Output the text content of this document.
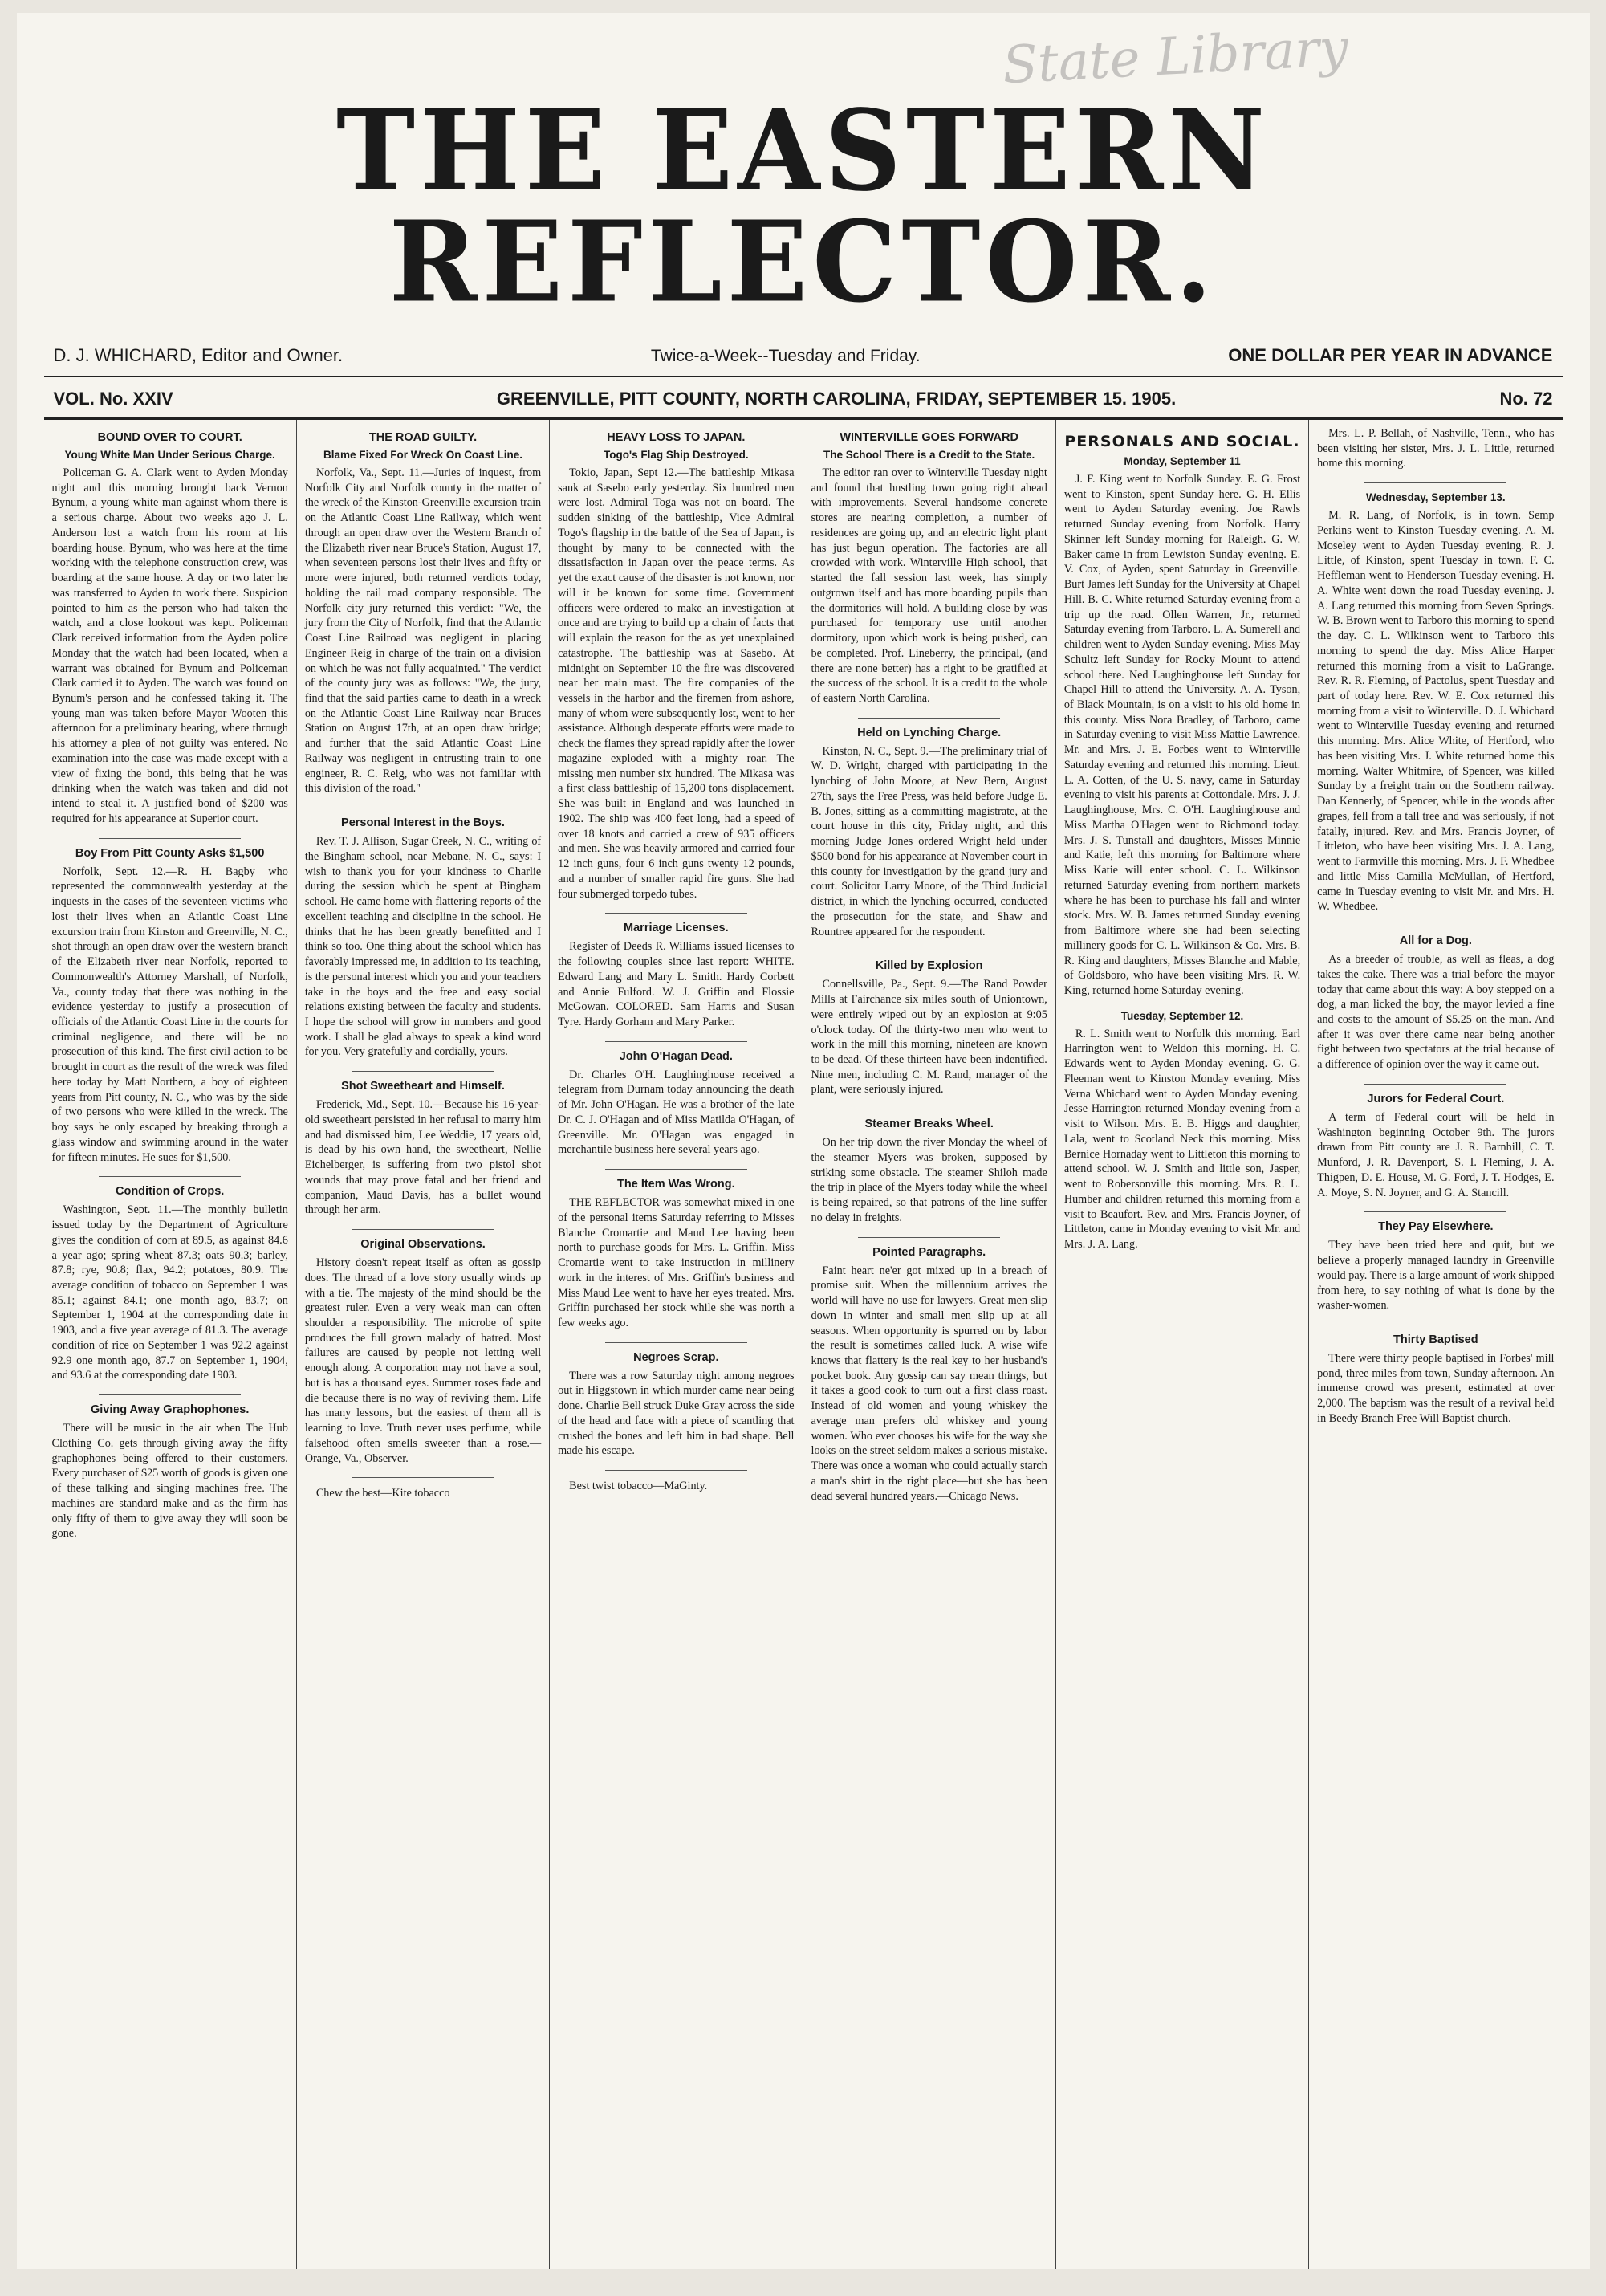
State Library
THE EASTERN REFLECTOR.
D. J. WHICHARD, Editor and Owner.	Twice-a-Week--Tuesday and Friday.	ONE DOLLAR PER YEAR IN ADVANCE
VOL. No. XXIV	GREENVILLE, PITT COUNTY, NORTH CAROLINA, FRIDAY, SEPTEMBER 15. 1905.	No. 72
BOUND OVER TO COURT.
Young White Man Under Serious Charge.

Policeman G. A. Clark went to Ayden Monday night and this morning brought back Vernon Bynum, a young white man against whom there is a serious charge. About two weeks ago J. L. Anderson lost a watch from his room at his boarding house. Bynum, who was here at the time working with the telephone construction crew, was boarding at the same house. A day or two later he was transferred to Ayden to work there. Suspicion pointed to him as the person who had taken the watch, and a close lookout was kept. Policeman Clark received information from the Ayden police Monday that the watch had been located, when a warrant was obtained for Bynum and Policeman Clark carried it to Ayden. The watch was found on Bynum's person and he confessed taking it. The young man was taken before Mayor Wooten this afternoon for a preliminary hearing, where through his attorney a plea of not guilty was entered. No examination into the case was made except with a view of fixing the bond, this being that he was drinking when the watch was taken and did not intend to steal it. A justified bond of $200 was required for his appearance at Superior court.

Boy From Pitt County Asks $1,500

Norfolk, Sept. 12.—R. H. Bagby who represented the commonwealth yesterday at the inquests in the cases of the seventeen victims who lost their lives when an Atlantic Coast Line excursion train from Kinston and Greenville, N. C., shot through an open draw over the western branch of the Elizabeth river near Norfolk, reported to Commonwealth's Attorney Marshall, of Norfolk, Va., county today that there was nothing in the evidence yesterday to justify a prosecution of officials of the Atlantic Coast Line in the courts for criminal negligence, and there will be no prosecution of this kind. The first civil action to be brought in court as the result of the wreck was filed here today by Matt Northern, a boy of eighteen years from Pitt county, N. C., who was by the side of two persons who were killed in the wreck. The boy says he only escaped by breaking through a glass window and swimming around in the water for fifteen minutes. He sues for $1,500.

Condition of Crops.

Washington, Sept. 11.—The monthly bulletin issued today by the Department of Agriculture gives the condition of corn at 89.5, as against 84.6 a year ago; spring wheat 87.3; oats 90.3; barley, 87.8; rye, 90.8; flax, 94.2; potatoes, 80.9. The average condition of tobacco on September 1 was 85.1; against 84.1; one month ago, 83.7; on September 1, 1904 at the corresponding date in 1903, and a five year average of 81.3. The average condition of rice on September 1 was 92.2 against 92.9 one month ago, 87.7 on September 1, 1904, and 93.6 at the corresponding date 1903.

Giving Away Graphophones.

There will be music in the air when The Hub Clothing Co. gets through giving away the fifty graphophones being offered to their customers. Every purchaser of $25 worth of goods is given one of these talking and singing machines free. The machines are standard make and as the firm has only fifty of them to give away they will soon be gone.

THE ROAD GUILTY.
Blame Fixed For Wreck On Coast Line.

Norfolk, Va., Sept. 11.—Juries of inquest, from Norfolk City and Norfolk county in the matter of the wreck of the Kinston-Greenville excursion train on the Atlantic Coast Line Railway, which went through an open draw over the Western Branch of the Elizabeth river near Bruce's Station, August 17, when seventeen persons lost their lives and fifty or more were injured, both returned verdicts today, holding the rail road company responsible. The Norfolk city jury returned this verdict: "We, the jury from the City of Norfolk, find that the Atlantic Coast Line Railroad was negligent in placing Engineer Reig in charge of the train on a division on which he was not fully acquainted." The verdict of the county jury was as follows: "We, the jury, find that the said parties came to death in a wreck on the Atlantic Coast Line Railway near Bruces Station on August 17th, at an open draw bridge; and further that the said Atlantic Coast Line Railway was negligent in entrusting train to one engineer, R. C. Reig, who was not familiar with this division of the road."

Personal Interest in the Boys.

Rev. T. J. Allison, Sugar Creek, N. C., writing of the Bingham school, near Mebane, N. C., says: I wish to thank you for your kindness to Charlie during the session which he spent at Bingham school. He came home with flattering reports of the excellent teaching and discipline in the school. He thinks that he has been greatly benefitted and I think so too. One thing about the school which has favorably impressed me, in addition to its teaching, is the personal interest which you and your teachers take in the boys and the free and easy social relations existing between the faculty and students. I hope the school will grow in numbers and good work. I shall be glad always to speak a kind word for you. Very gratefully and cordially, yours.

Shot Sweetheart and Himself.

Frederick, Md., Sept. 10.—Because his 16-year-old sweetheart persisted in her refusal to marry him and had dismissed him, Lee Weddie, 17 years old, is dead by his own hand, the sweetheart, Nellie Eichelberger, is suffering from two pistol shot wounds that may prove fatal and her friend and companion, Maud Davis, has a bullet wound through her arm.

Original Observations.

History doesn't repeat itself as often as gossip does. The thread of a love story usually winds up with a tie. The majesty of the mind should be the greatest ruler. Even a very weak man can often shoulder a responsibility. The microbe of spite produces the full grown malady of hatred. Most failures are caused by people not letting well enough along. A corporation may not have a soul, but is has a thousand eyes. Summer roses fade and die because there is no way of reviving them. Life has many lessons, but the easiest of them all is learning to love. Truth never uses perfume, while falsehood often smells sweeter than a rose.—Orange, Va., Observer.

Chew the best—Kite tobacco

HEAVY LOSS TO JAPAN.
Togo's Flag Ship Destroyed.

Tokio, Japan, Sept 12.—The battleship Mikasa sank at Sasebo early yesterday. Six hundred men were lost. Admiral Toga was not on board. The sudden sinking of the battleship, Vice Admiral Togo's flagship in the battle of the Sea of Japan, is thought by many to be connected with the dissatisfaction in Japan over the peace terms. As yet the exact cause of the disaster is not known, nor will it be known for some time. Government officers were ordered to make an investigation at once and are trying to build up a chain of facts that will explain the reason for the as yet unexplained catastrophe. The battleship was at Sasebo. At midnight on September 10 the fire was discovered near her main mast. The fire companies of the vessels in the harbor and the firemen from ashore, many of whom were subsequently lost, went to her assistance. Although desperate efforts were made to check the flames they spread rapidly after the lower magazine exploded with a mighty roar. The missing men number six hundred. The Mikasa was a first class battleship of 15,200 tons displacement. She was built in England and was launched in 1902. The ship was 400 feet long, had a speed of over 18 knots and carried a crew of 935 officers and men. She was heavily armored and carried four 12 inch guns, four 6 inch guns twenty 12 pounds, and a number of smaller rapid fire guns. She had four submerged torpedo tubes.

Marriage Licenses.

Register of Deeds R. Williams issued licenses to the following couples since last report: WHITE. Edward Lang and Mary L. Smith. Hardy Corbett and Annie Fulford. W. J. Griffin and Flossie McGowan. COLORED. Sam Harris and Susan Tyre. Hardy Gorham and Mary Parker.

John O'Hagan Dead.

Dr. Charles O'H. Laughinghouse received a telegram from Durnam today announcing the death of Mr. John O'Hagan. He was a brother of the late Dr. C. J. O'Hagan and of Miss Matilda O'Hagan, of Greenville. Mr. O'Hagan was engaged in merchantile business here several years ago.

The Item Was Wrong.

THE REFLECTOR was somewhat mixed in one of the personal items Saturday referring to Misses Blanche Cromartie and Maud Lee having been north to purchase goods for Mrs. L. Griffin. Miss Cromartie went to take instruction in millinery work in the interest of Mrs. Griffin's business and Miss Maud Lee went to have her eyes treated. Mrs. Griffin purchased her stock while she was north a few weeks ago.

Negroes Scrap.

There was a row Saturday night among negroes out in Higgstown in which murder came near being done. Charlie Bell struck Duke Gray across the side of the head and face with a piece of scantling that crushed the bones and left him in bad shape. Bell made his escape.

Best twist tobacco—MaGinty.

WINTERVILLE GOES FORWARD
The School There is a Credit to the State.

The editor ran over to Winterville Tuesday night and found that hustling town going right ahead with improvements. Several handsome concrete stores are nearing completion, a number of residences are going up, and an electric light plant has just begun operation. The factories are all crowded with work. Winterville High school, that started the fall session last week, has simply outgrown itself and has more boarding pupils than the dormitories will hold. A building close by was purchased for temporary use until another dormitory, upon which work is being pushed, can be completed. Prof. Lineberry, the principal, (and there are none better) has a right to be gratified at the success of the school. It is a credit to the whole of eastern North Carolina.

Held on Lynching Charge.

Kinston, N. C., Sept. 9.—The preliminary trial of W. D. Wright, charged with participating in the lynching of John Moore, at New Bern, August 27th, says the Free Press, was held before Judge E. B. Jones, sitting as a committing magistrate, at the court house in this city, Friday night, and this morning Judge Jones ordered Wright held under $500 bond for his appearance at November court in this county for investigation by the grand jury and court. Solicitor Larry Moore, of the Third Judicial district, in which the lynching occurred, conducted the prosecution for the state, and Shaw and Rountree appeared for the respondent.

Killed by Explosion

Connellsville, Pa., Sept. 9.—The Rand Powder Mills at Fairchance six miles south of Uniontown, were entirely wiped out by an explosion at 9:05 o'clock today. Of the thirty-two men who went to work in the mill this morning, nineteen are known to be dead. Of these thirteen have been indentified. Nine men, including C. M. Rand, manager of the plant, were seriously injured.

Steamer Breaks Wheel.

On her trip down the river Monday the wheel of the steamer Myers was broken, supposed by striking some obstacle. The steamer Shiloh made the trip in place of the Myers today while the wheel is being repaired, so that patrons of the line suffer no delay in freights.

Pointed Paragraphs.

Faint heart ne'er got mixed up in a breach of promise suit. When the millennium arrives the world will have no use for lawyers. Great men slip down in winter and small men slip up at all seasons. When opportunity is spurred on by labor the result is sometimes called luck. A wise wife knows that flattery is the real key to her husband's pocket book. Any gossip can say mean things, but it takes a good cook to turn out a first class roast. Instead of old women and young whiskey the average man prefers old whiskey and young women. Who ever chooses his wife for the way she looks on the street seldom makes a serious mistake. There was once a woman who could actually starch a man's shirt in the right place—but she has been dead several hundred years.—Chicago News.

PERSONALS AND SOCIAL.
Monday, September 11

J. F. King went to Norfolk Sunday. E. G. Frost went to Kinston, spent Sunday here. G. H. Ellis went to Ayden Saturday evening. Joe Rawls returned Sunday evening from Norfolk. Harry Skinner left Sunday morning for Raleigh. G. W. Baker came in from Lewiston Sunday evening. E. V. Cox, of Ayden, spent Saturday in Greenville. Burt James left Sunday for the University at Chapel Hill. B. C. White returned Saturday evening from a trip up the road. Ollen Warren, Jr., returned Saturday evening from Tarboro. L. A. Sumerell and children went to Ayden Sunday evening. Miss May Schultz left Sunday for Rocky Mount to attend school there. Ned Laughinghouse left Sunday for Chapel Hill to attend the University. A. A. Tyson, of Black Mountain, is on a visit to his old home in this county. Miss Nora Bradley, of Tarboro, came in Saturday evening to visit Miss Mattie Lawrence. Mr. and Mrs. J. E. Forbes went to Winterville Saturday evening and returned this morning. Lieut. L. A. Cotten, of the U. S. navy, came in Saturday evening to visit his parents at Cottondale. Mrs. J. J. Laughinghouse, Mrs. C. O'H. Laughinghouse and Miss Martha O'Hagen went to Richmond today. Mrs. J. S. Tunstall and daughters, Misses Minnie and Katie, left this morning for Baltimore where Miss Katie will enter school. C. L. Wilkinson returned Saturday evening from northern markets where he has been to purchase his fall and winter stock. Mrs. W. B. James returned Sunday evening from Baltimore where she had been selecting millinery goods for C. L. Wilkinson & Co. Mrs. B. R. King and daughters, Misses Blanche and Mable, of Goldsboro, who have been visiting Mrs. R. W. King, returned home Saturday evening.

Tuesday, September 12.

R. L. Smith went to Norfolk this morning. Earl Harrington went to Weldon this morning. H. C. Edwards went to Ayden Monday evening. G. G. Fleeman went to Kinston Monday evening. Miss Verna Whichard went to Ayden Monday evening. Jesse Harrington returned Monday evening from a visit to Wilson. Mrs. E. B. Higgs and daughter, Lala, went to Scotland Neck this morning. Miss Bernice Hornaday went to Littleton this morning to attend school. W. J. Smith and little son, Jasper, went to Robersonville this morning. Mrs. R. L. Humber and children returned this morning from a visit to Beaufort. Rev. and Mrs. Francis Joyner, of Littleton, came in Monday evening to visit Mr. and Mrs. J. A. Lang.

Mrs. L. P. Bellah, of Nashville, Tenn., who has been visiting her sister, Mrs. J. L. Little, returned home this morning.

Wednesday, September 13.

M. R. Lang, of Norfolk, is in town. Semp Perkins went to Kinston Tuesday evening. A. M. Moseley went to Ayden Tuesday evening. R. J. Little, of Kinston, spent Tuesday in town. F. C. Heffleman went to Henderson Tuesday evening. H. A. White went down the road Tuesday evening. J. A. Lang returned this morning from Seven Springs. W. B. Brown went to Tarboro this morning to spend the day. C. L. Wilkinson went to Tarboro this morning to spend the day. Miss Alice Harper returned this morning from a visit to LaGrange. Rev. R. R. Fleming, of Pactolus, spent Tuesday and part of today here. Rev. W. E. Cox returned this morning from a visit to Winterville. D. J. Whichard went to Winterville Tuesday evening and returned this morning. Mrs. Alice White, of Hertford, who has been visiting Mrs. J. White returned home this morning. Walter Whitmire, of Spencer, was killed Sunday by a freight train on the Southern railway. Dan Kennerly, of Spencer, while in the woods after grapes, fell from a tall tree and was seriously, if not fatally, injured. Rev. and Mrs. Francis Joyner, of Littleton, who have been visiting Mrs. J. A. Lang, went to Farmville this morning. Mrs. J. F. Whedbee and little Miss Camilla McMullan, of Hertford, came in Tuesday evening to visit Mr. and Mrs. H. W. Whedbee.

All for a Dog.

As a breeder of trouble, as well as fleas, a dog takes the cake. There was a trial before the mayor today that came about this way: A boy stepped on a dog, a man licked the boy, the mayor levied a fine and costs to the amount of $5.25 on the man. And after it was over there came near being another fight between two spectators at the trial because of a difference of opinion over the way it came out.

Jurors for Federal Court.

A term of Federal court will be held in Washington beginning October 9th. The jurors drawn from Pitt county are J. R. Barnhill, C. T. Munford, J. R. Davenport, S. I. Fleming, J. A. Thigpen, D. E. House, M. G. Ford, J. T. Hodges, E. A. Moye, S. N. Joyner, and G. A. Stancill.

They Pay Elsewhere.

They have been tried here and quit, but we believe a properly managed laundry in Greenville would pay. There is a large amount of work shipped from here, to say nothing of what is done by the washer-women.

Thirty Baptised

There were thirty people baptised in Forbes' mill pond, three miles from town, Sunday afternoon. An immense crowd was present, estimated at over 2,000. The baptism was the result of a revival held in Beedy Branch Free Will Baptist church.
